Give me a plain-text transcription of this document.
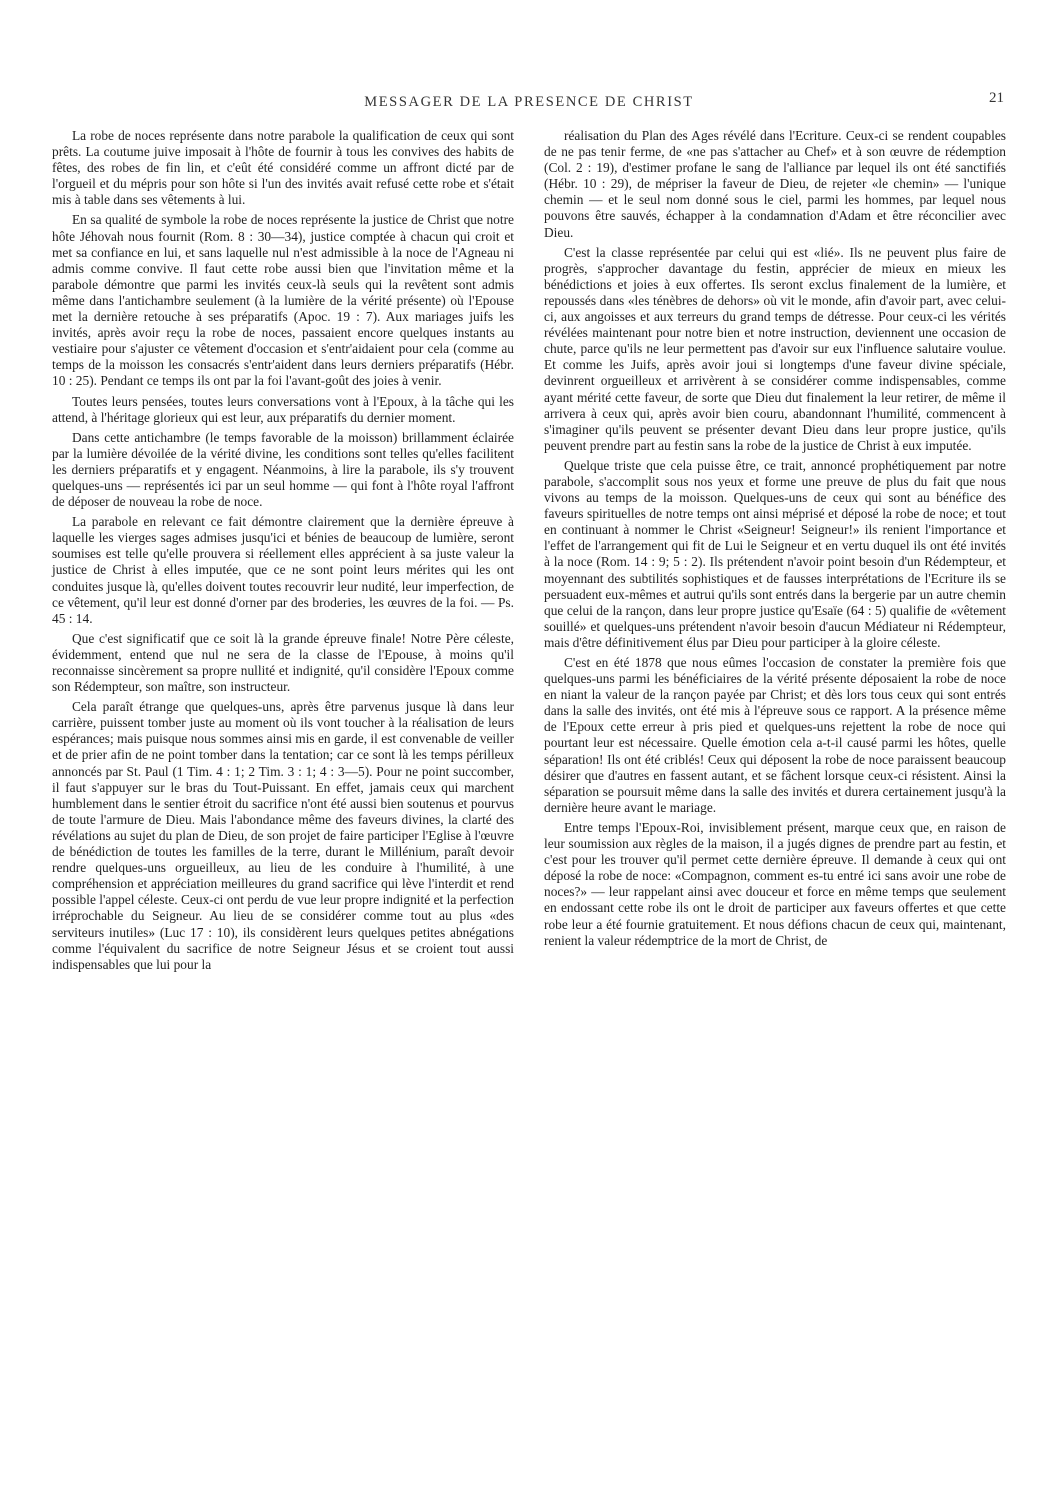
MESSAGER DE LA PRESENCE DE CHRIST	21

La robe de noces représente dans notre parabole la qualification de ceux qui sont prêts. La coutume juive imposait à l'hôte de fournir à tous les convives des habits de fêtes, des robes de fin lin, et c'eût été considéré comme un affront dicté par de l'orgueil et du mépris pour son hôte si l'un des invités avait refusé cette robe et s'était mis à table dans ses vêtements à lui.

En sa qualité de symbole la robe de noces représente la justice de Christ que notre hôte Jéhovah nous fournit (Rom. 8 : 30—34), justice comptée à chacun qui croit et met sa confiance en lui, et sans laquelle nul n'est admissible à la noce de l'Agneau ni admis comme convive. Il faut cette robe aussi bien que l'invitation même et la parabole démontre que parmi les invités ceux-là seuls qui la revêtent sont admis même dans l'antichambre seulement (à la lumière de la vérité présente) où l'Epouse met la dernière retouche à ses préparatifs (Apoc. 19 : 7). Aux mariages juifs les invités, après avoir reçu la robe de noces, passaient encore quelques instants au vestiaire pour s'ajuster ce vêtement d'occasion et s'entr'aidaient pour cela (comme au temps de la moisson les consacrés s'entr'aident dans leurs derniers préparatifs (Hébr. 10 : 25). Pendant ce temps ils ont par la foi l'avant-goût des joies à venir.

Toutes leurs pensées, toutes leurs conversations vont à l'Epoux, à la tâche qui les attend, à l'héritage glorieux qui est leur, aux préparatifs du dernier moment.

Dans cette antichambre (le temps favorable de la moisson) brillamment éclairée par la lumière dévoilée de la vérité divine, les conditions sont telles qu'elles facilitent les derniers préparatifs et y engagent. Néanmoins, à lire la parabole, ils s'y trouvent quelques-uns — représentés ici par un seul homme — qui font à l'hôte royal l'affront de déposer de nouveau la robe de noce.

La parabole en relevant ce fait démontre clairement que la dernière épreuve à laquelle les vierges sages admises jusqu'ici et bénies de beaucoup de lumière, seront soumises est telle qu'elle prouvera si réellement elles apprécient à sa juste valeur la justice de Christ à elles imputée, que ce ne sont point leurs mérites qui les ont conduites jusque là, qu'elles doivent toutes recouvrir leur nudité, leur imperfection, de ce vêtement, qu'il leur est donné d'orner par des broderies, les œuvres de la foi. — Ps. 45 : 14.

Que c'est significatif que ce soit là la grande épreuve finale! Notre Père céleste, évidemment, entend que nul ne sera de la classe de l'Epouse, à moins qu'il reconnaisse sincèrement sa propre nullité et indignité, qu'il considère l'Epoux comme son Rédempteur, son maître, son instructeur.

Cela paraît étrange que quelques-uns, après être parvenus jusque là dans leur carrière, puissent tomber juste au moment où ils vont toucher à la réalisation de leurs espérances; mais puisque nous sommes ainsi mis en garde, il est convenable de veiller et de prier afin de ne point tomber dans la tentation; car ce sont là les temps périlleux annoncés par St. Paul (1 Tim. 4 : 1; 2 Tim. 3 : 1; 4 : 3—5). Pour ne point succomber, il faut s'appuyer sur le bras du Tout-Puissant. En effet, jamais ceux qui marchent humblement dans le sentier étroit du sacrifice n'ont été aussi bien soutenus et pourvus de toute l'armure de Dieu. Mais l'abondance même des faveurs divines, la clarté des révélations au sujet du plan de Dieu, de son projet de faire participer l'Eglise à l'œuvre de bénédiction de toutes les familles de la terre, durant le Millénium, paraît devoir rendre quelques-uns orgueilleux, au lieu de les conduire à l'humilité, à une compréhension et appréciation meilleures du grand sacrifice qui lève l'interdit et rend possible l'appel céleste. Ceux-ci ont perdu de vue leur propre indignité et la perfection irréprochable du Seigneur. Au lieu de se considérer comme tout au plus «des serviteurs inutiles» (Luc 17 : 10), ils considèrent leurs quelques petites abnégations comme l'équivalent du sacrifice de notre Seigneur Jésus et se croient tout aussi indispensables que lui pour la

réalisation du Plan des Ages révélé dans l'Ecriture. Ceux-ci se rendent coupables de ne pas tenir ferme, de «ne pas s'attacher au Chef» et à son œuvre de rédemption (Col. 2 : 19), d'estimer profane le sang de l'alliance par lequel ils ont été sanctifiés (Hébr. 10 : 29), de mépriser la faveur de Dieu, de rejeter «le chemin» — l'unique chemin — et le seul nom donné sous le ciel, parmi les hommes, par lequel nous pouvons être sauvés, échapper à la condamnation d'Adam et être réconcilier avec Dieu.

C'est la classe représentée par celui qui est «lié». Ils ne peuvent plus faire de progrès, s'approcher davantage du festin, apprécier de mieux en mieux les bénédictions et joies à eux offertes. Ils seront exclus finalement de la lumière, et repoussés dans «les ténèbres de dehors» où vit le monde, afin d'avoir part, avec celui-ci, aux angoisses et aux terreurs du grand temps de détresse. Pour ceux-ci les vérités révélées maintenant pour notre bien et notre instruction, deviennent une occasion de chute, parce qu'ils ne leur permettent pas d'avoir sur eux l'influence salutaire voulue. Et comme les Juifs, après avoir joui si longtemps d'une faveur divine spéciale, devinrent orgueilleux et arrivèrent à se considérer comme indispensables, comme ayant mérité cette faveur, de sorte que Dieu dut finalement la leur retirer, de même il arrivera à ceux qui, après avoir bien couru, abandonnant l'humilité, commencent à s'imaginer qu'ils peuvent se présenter devant Dieu dans leur propre justice, qu'ils peuvent prendre part au festin sans la robe de la justice de Christ à eux imputée.

Quelque triste que cela puisse être, ce trait, annoncé prophétiquement par notre parabole, s'accomplit sous nos yeux et forme une preuve de plus du fait que nous vivons au temps de la moisson. Quelques-uns de ceux qui sont au bénéfice des faveurs spirituelles de notre temps ont ainsi méprisé et déposé la robe de noce; et tout en continuant à nommer le Christ «Seigneur! Seigneur!» ils renient l'importance et l'effet de l'arrangement qui fit de Lui le Seigneur et en vertu duquel ils ont été invités à la noce (Rom. 14 : 9; 5 : 2). Ils prétendent n'avoir point besoin d'un Rédempteur, et moyennant des subtilités sophistiques et de fausses interprétations de l'Ecriture ils se persuadent eux-mêmes et autrui qu'ils sont entrés dans la bergerie par un autre chemin que celui de la rançon, dans leur propre justice qu'Esaïe (64 : 5) qualifie de «vêtement souillé» et quelques-uns prétendent n'avoir besoin d'aucun Médiateur ni Rédempteur, mais d'être définitivement élus par Dieu pour participer à la gloire céleste.

C'est en été 1878 que nous eûmes l'occasion de constater la première fois que quelques-uns parmi les bénéficiaires de la vérité présente déposaient la robe de noce en niant la valeur de la rançon payée par Christ; et dès lors tous ceux qui sont entrés dans la salle des invités, ont été mis à l'épreuve sous ce rapport. A la présence même de l'Epoux cette erreur à pris pied et quelques-uns rejettent la robe de noce qui pourtant leur est nécessaire. Quelle émotion cela a-t-il causé parmi les hôtes, quelle séparation! Ils ont été criblés! Ceux qui déposent la robe de noce paraissent beaucoup désirer que d'autres en fassent autant, et se fâchent lorsque ceux-ci résistent. Ainsi la séparation se poursuit même dans la salle des invités et durera certainement jusqu'à la dernière heure avant le mariage.

Entre temps l'Epoux-Roi, invisiblement présent, marque ceux que, en raison de leur soumission aux règles de la maison, il a jugés dignes de prendre part au festin, et c'est pour les trouver qu'il permet cette dernière épreuve. Il demande à ceux qui ont déposé la robe de noce: «Compagnon, comment es-tu entré ici sans avoir une robe de noces?» — leur rappelant ainsi avec douceur et force en même temps que seulement en endossant cette robe ils ont le droit de participer aux faveurs offertes et que cette robe leur a été fournie gratuitement. Et nous défions chacun de ceux qui, maintenant, renient la valeur rédemptrice de la mort de Christ, de
